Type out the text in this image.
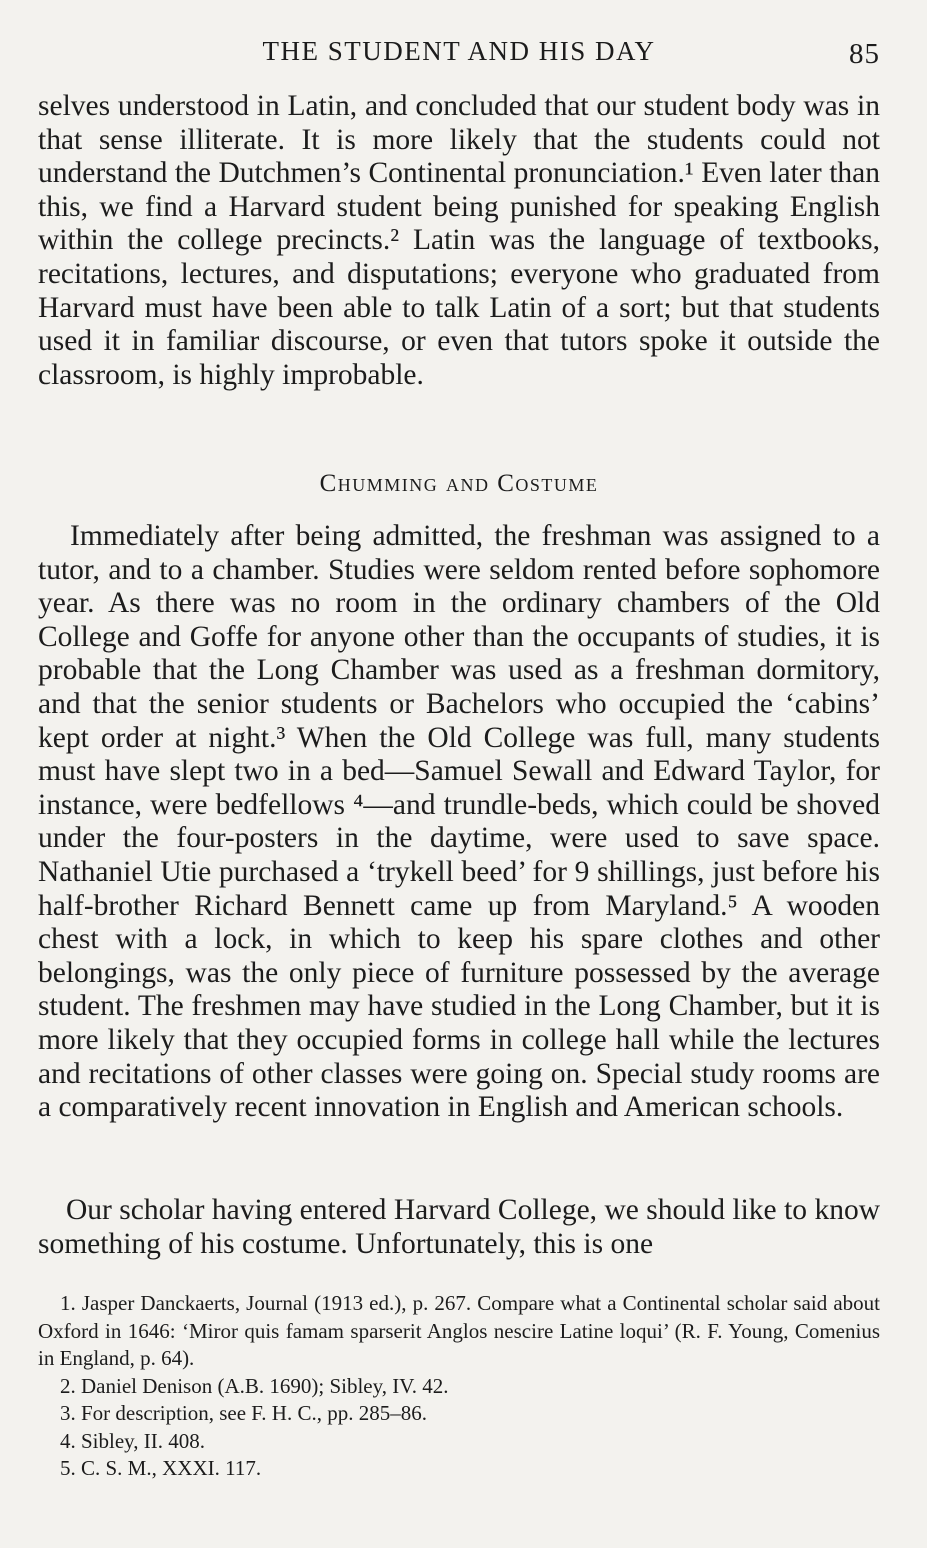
THE STUDENT AND HIS DAY	85

selves understood in Latin, and concluded that our student body was in that sense illiterate. It is more likely that the students could not understand the Dutchmen’s Continental pronunciation.¹ Even later than this, we find a Harvard student being punished for speaking English within the college precincts.² Latin was the language of textbooks, recitations, lectures, and disputations; everyone who graduated from Harvard must have been able to talk Latin of a sort; but that students used it in familiar discourse, or even that tutors spoke it outside the classroom, is highly improbable.

Chumming and Costume

Immediately after being admitted, the freshman was assigned to a tutor, and to a chamber. Studies were seldom rented before sophomore year. As there was no room in the ordinary chambers of the Old College and Goffe for anyone other than the occupants of studies, it is probable that the Long Chamber was used as a freshman dormitory, and that the senior students or Bachelors who occupied the ‘cabins’ kept order at night.³ When the Old College was full, many students must have slept two in a bed—Samuel Sewall and Edward Taylor, for instance, were bedfellows ⁴—and trundle-beds, which could be shoved under the four-posters in the daytime, were used to save space. Nathaniel Utie purchased a ‘trykell beed’ for 9 shillings, just before his half-brother Richard Bennett came up from Maryland.⁵ A wooden chest with a lock, in which to keep his spare clothes and other belongings, was the only piece of furniture possessed by the average student. The freshmen may have studied in the Long Chamber, but it is more likely that they occupied forms in college hall while the lectures and recitations of other classes were going on. Special study rooms are a comparatively recent innovation in English and American schools.

Our scholar having entered Harvard College, we should like to know something of his costume. Unfortunately, this is one

1. Jasper Danckaerts, Journal (1913 ed.), p. 267. Compare what a Continental scholar said about Oxford in 1646: ‘Miror quis famam sparserit Anglos nescire Latine loqui’ (R. F. Young, Comenius in England, p. 64).

2. Daniel Denison (A.B. 1690); Sibley, IV. 42.

3. For description, see F. H. C., pp. 285–86.

4. Sibley, II. 408.

5. C. S. M., XXXI. 117.
